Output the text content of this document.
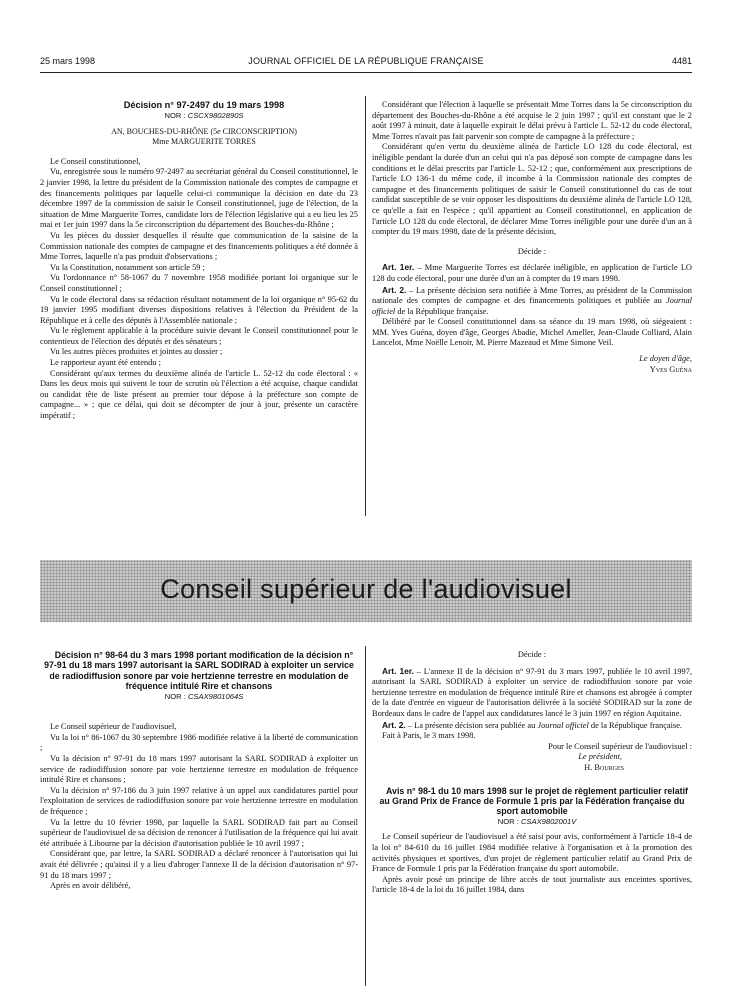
25 mars 1998	JOURNAL OFFICIEL DE LA RÉPUBLIQUE FRANÇAISE	4481

Décision n° 97-2497 du 19 mars 1998

NOR : CSCX9802890S

AN, BOUCHES-DU-RHÔNE (5e CIRCONSCRIPTION)

Mme MARGUERITE TORRES

Le Conseil constitutionnel,

Vu, enregistrée sous le numéro 97-2497 au secrétariat général du Conseil constitutionnel, le 2 janvier 1998, la lettre du président de la Commission nationale des comptes de campagne et des financements politiques par laquelle celui-ci communique la décision en date du 23 décembre 1997 de la commission de saisir le Conseil constitutionnel, juge de l'élection, de la situation de Mme Marguerite Torres, candidate lors de l'élection législative qui a eu lieu les 25 mai et 1er juin 1997 dans la 5e circonscription du département des Bouches-du-Rhône ;

Vu les pièces du dossier desquelles il résulte que communication de la saisine de la Commission nationale des comptes de campagne et des financements politiques a été donnée à Mme Torres, laquelle n'a pas produit d'observations ;

Vu la Constitution, notamment son article 59 ;

Vu l'ordonnance n° 58-1067 du 7 novembre 1958 modifiée portant loi organique sur le Conseil constitutionnel ;

Vu le code électoral dans sa rédaction résultant notamment de la loi organique n° 95-62 du 19 janvier 1995 modifiant diverses dispositions relatives à l'élection du Président de la République et à celle des députés à l'Assemblée nationale ;

Vu le règlement applicable à la procédure suivie devant le Conseil constitutionnel pour le contentieux de l'élection des députés et des sénateurs ;

Vu les autres pièces produites et jointes au dossier ;

Le rapporteur ayant été entendu ;

Considérant qu'aux termes du deuxième alinéa de l'article L. 52-12 du code électoral : « Dans les deux mois qui suivent le tour de scrutin où l'élection a été acquise, chaque candidat ou candidat tête de liste présent au premier tour dépose à la préfecture son compte de campagne... » ; que ce délai, qui doit se décompter de jour à jour, présente un caractère impératif ;

Considérant que l'élection à laquelle se présentait Mme Torres dans la 5e circonscription du département des Bouches-du-Rhône a été acquise le 2 juin 1997 ; qu'il est constant que le 2 août 1997 à minuit, date à laquelle expirait le délai prévu à l'article L. 52-12 du code électoral, Mme Torres n'avait pas fait parvenir son compte de campagne à la préfecture ;

Considérant qu'en vertu du deuxième alinéa de l'article LO 128 du code électoral, est inéligible pendant la durée d'un an celui qui n'a pas déposé son compte de campagne dans les conditions et le délai prescrits par l'article L. 52-12 ; que, conformément aux prescriptions de l'article LO 136-1 du même code, il incombe à la Commission nationale des comptes de campagne et des financements politiques de saisir le Conseil constitutionnel du cas de tout candidat susceptible de se voir opposer les dispositions du deuxième alinéa de l'article LO 128, ce qu'elle a fait en l'espèce ; qu'il appartient au Conseil constitutionnel, en application de l'article LO 128 du code électoral, de déclarer Mme Torres inéligible pour une durée d'un an à compter du 19 mars 1998, date de la présente décision,

Décide :

Art. 1er. – Mme Marguerite Torres est déclarée inéligible, en application de l'article LO 128 du code électoral, pour une durée d'un an à compter du 19 mars 1998.

Art. 2. – La présente décision sera notifiée à Mme Torres, au président de la Commission nationale des comptes de campagne et des financements politiques et publiée au Journal officiel de la République française.

Délibéré par le Conseil constitutionnel dans sa séance du 19 mars 1998, où siégeaient : MM. Yves Guéna, doyen d'âge, Georges Abadie, Michel Ameller, Jean-Claude Colliard, Alain Lancelot, Mme Noëlle Lenoir, M. Pierre Mazeaud et Mme Simone Veil.

Le doyen d'âge,

Yves Guéna

Conseil supérieur de l'audiovisuel

Décision n° 98-64 du 3 mars 1998 portant modification de la décision n° 97-91 du 18 mars 1997 autorisant la SARL SODIRAD à exploiter un service de radiodiffusion sonore par voie hertzienne terrestre en modulation de fréquence intitulé Rire et chansons

NOR : CSAX9801064S

Le Conseil supérieur de l'audiovisuel,

Vu la loi n° 86-1067 du 30 septembre 1986 modifiée relative à la liberté de communication ;

Vu la décision n° 97-91 du 18 mars 1997 autorisant la SARL SODIRAD à exploiter un service de radiodiffusion sonore par voie hertzienne terrestre en modulation de fréquence intitulé Rire et chansons ;

Vu la décision n° 97-186 du 3 juin 1997 relative à un appel aux candidatures partiel pour l'exploitation de services de radiodiffusion sonore par voie hertzienne terrestre en modulation de fréquence ;

Vu la lettre du 10 février 1998, par laquelle la SARL SODIRAD fait part au Conseil supérieur de l'audiovisuel de sa décision de renoncer à l'utilisation de la fréquence qui lui avait été attribuée à Libourne par la décision d'autorisation publiée le 10 avril 1997 ;

Considérant que, par lettre, la SARL SODIRAD a déclaré renoncer à l'autorisation qui lui avait été délivrée ; qu'ainsi il y a lieu d'abroger l'annexe II de la décision d'autorisation n° 97-91 du 18 mars 1997 ;

Après en avoir délibéré,

Décide :

Art. 1er. – L'annexe II de la décision n° 97-91 du 3 mars 1997, publiée le 10 avril 1997, autorisant la SARL SODIRAD à exploiter un service de radiodiffusion sonore par voie hertzienne terrestre en modulation de fréquence intitulé Rire et chansons est abrogée à compter de la date d'entrée en vigueur de l'autorisation délivrée à la société SODIRAD sur la zone de Bordeaux dans le cadre de l'appel aux candidatures lancé le 3 juin 1997 en région Aquitaine.

Art. 2. – La présente décision sera publiée au Journal officiel de la République française.

Fait à Paris, le 3 mars 1998.

Pour le Conseil supérieur de l'audiovisuel :

Le président,

H. Bourges

Avis n° 98-1 du 10 mars 1998 sur le projet de règlement particulier relatif au Grand Prix de France de Formule 1 pris par la Fédération française du sport automobile

NOR : CSAX9802001V

Le Conseil supérieur de l'audiovisuel a été saisi pour avis, conformément à l'article 18-4 de la loi n° 84-610 du 16 juillet 1984 modifiée relative à l'organisation et à la promotion des activités physiques et sportives, d'un projet de règlement particulier relatif au Grand Prix de France de Formule 1 pris par la Fédération française du sport automobile.

Après avoir posé un principe de libre accès de tout journaliste aux enceintes sportives, l'article 18-4 de la loi du 16 juillet 1984, dans
